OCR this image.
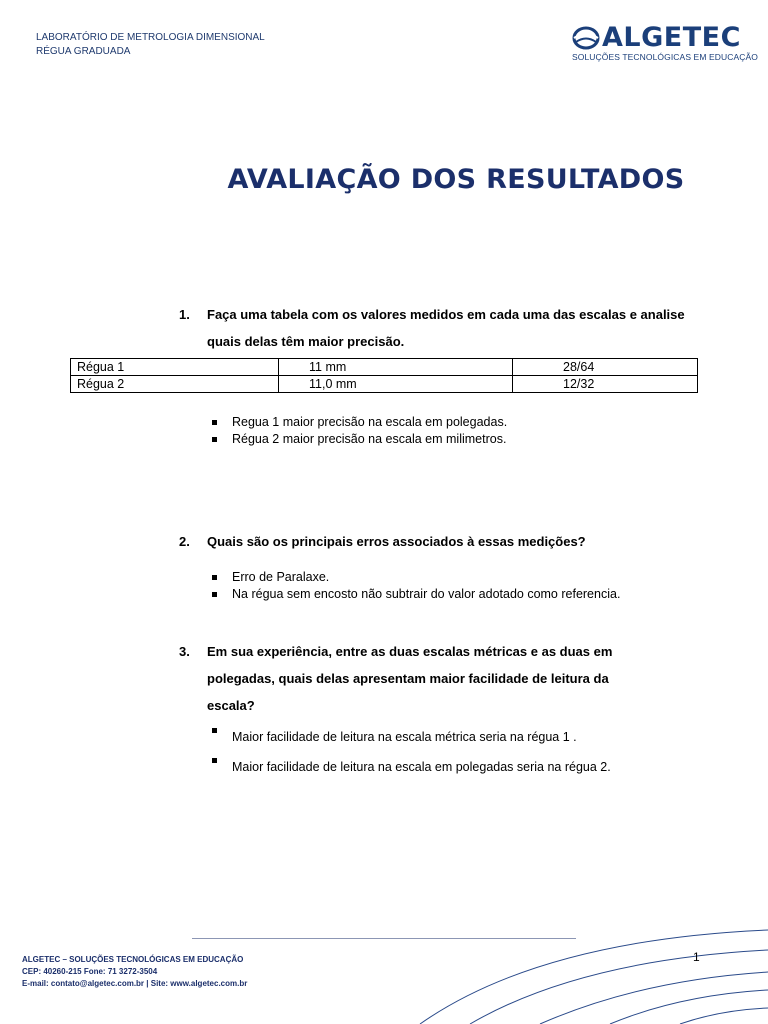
LABORATÓRIO DE METROLOGIA DIMENSIONAL
RÉGUA GRADUADA	ALGETEC
SOLUÇÕES TECNOLÓGICAS EM EDUCAÇÃO
AVALIAÇÃO DOS RESULTADOS
1. Faça uma tabela com os valores medidos em cada uma das escalas e analise quais delas têm maior precisão.
Régua 1	11 mm	28/64
Régua 2	11,0 mm	12/32
Regua 1 maior precisão na escala em polegadas.
Régua 2 maior precisão na escala em milimetros.
2. Quais são os principais erros associados à essas medições?
Erro de Paralaxe.
Na régua sem encosto não subtrair do valor adotado como referencia.
3. Em sua experiência, entre as duas escalas métricas e as duas em polegadas, quais delas apresentam maior facilidade de leitura da escala?
Maior facilidade de leitura na escala métrica seria na régua 1 .
Maior facilidade de leitura na escala em polegadas seria na régua 2.
ALGETEC – SOLUÇÕES TECNOLÓGICAS EM EDUCAÇÃO
CEP: 40260-215 Fone: 71 3272-3504
E-mail: contato@algetec.com.br | Site: www.algetec.com.br
1
